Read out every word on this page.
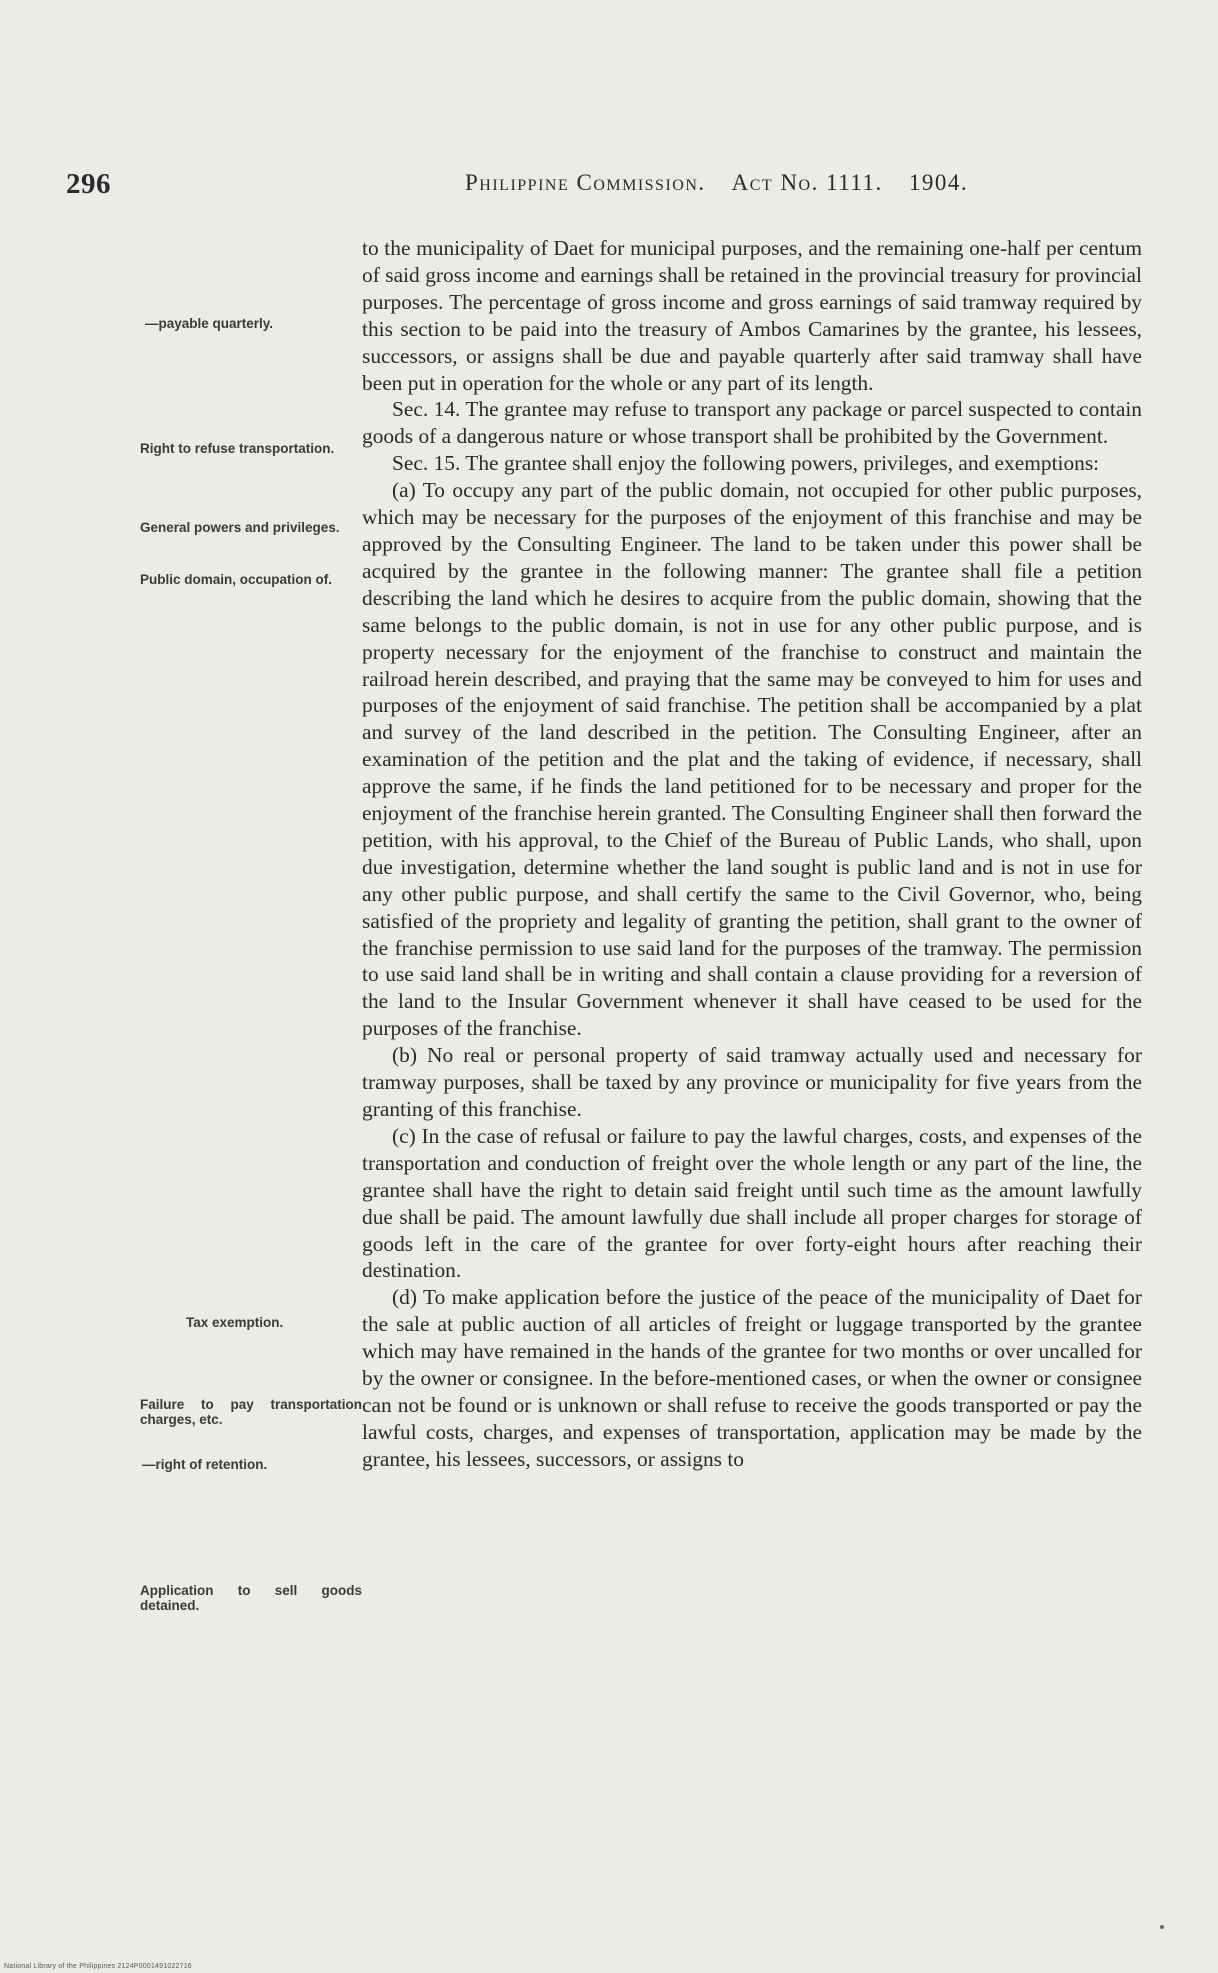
296	Philippine Commission. Act No. 1111. 1904.
—payable quarterly.
Right to refuse transportation.
General powers and privileges.
Public domain, occupation of.
Tax exemption.
Failure to pay transportation charges, etc.
—right of retention.
Application to sell goods detained.

to the municipality of Daet for municipal purposes, and the remaining one-half per centum of said gross income and earnings shall be retained in the provincial treasury for provincial purposes. The percentage of gross income and gross earnings of said tramway required by this section to be paid into the treasury of Ambos Camarines by the grantee, his lessees, successors, or assigns shall be due and payable quarterly after said tramway shall have been put in operation for the whole or any part of its length.

Sec. 14. The grantee may refuse to transport any package or parcel suspected to contain goods of a dangerous nature or whose transport shall be prohibited by the Government.

Sec. 15. The grantee shall enjoy the following powers, privileges, and exemptions:

(a) To occupy any part of the public domain, not occupied for other public purposes, which may be necessary for the purposes of the enjoyment of this franchise and may be approved by the Consulting Engineer. The land to be taken under this power shall be acquired by the grantee in the following manner: The grantee shall file a petition describing the land which he desires to acquire from the public domain, showing that the same belongs to the public domain, is not in use for any other public purpose, and is property necessary for the enjoyment of the franchise to construct and maintain the railroad herein described, and praying that the same may be conveyed to him for uses and purposes of the enjoyment of said franchise. The petition shall be accompanied by a plat and survey of the land described in the petition. The Consulting Engineer, after an examination of the petition and the plat and the taking of evidence, if necessary, shall approve the same, if he finds the land petitioned for to be necessary and proper for the enjoyment of the franchise herein granted. The Consulting Engineer shall then forward the petition, with his approval, to the Chief of the Bureau of Public Lands, who shall, upon due investigation, determine whether the land sought is public land and is not in use for any other public purpose, and shall certify the same to the Civil Governor, who, being satisfied of the propriety and legality of granting the petition, shall grant to the owner of the franchise permission to use said land for the purposes of the tramway. The permission to use said land shall be in writing and shall contain a clause providing for a reversion of the land to the Insular Government whenever it shall have ceased to be used for the purposes of the franchise.

(b) No real or personal property of said tramway actually used and necessary for tramway purposes, shall be taxed by any province or municipality for five years from the granting of this franchise.

(c) In the case of refusal or failure to pay the lawful charges, costs, and expenses of the transportation and conduction of freight over the whole length or any part of the line, the grantee shall have the right to detain said freight until such time as the amount lawfully due shall be paid. The amount lawfully due shall include all proper charges for storage of goods left in the care of the grantee for over forty-eight hours after reaching their destination.

(d) To make application before the justice of the peace of the municipality of Daet for the sale at public auction of all articles of freight or luggage transported by the grantee which may have remained in the hands of the grantee for two months or over uncalled for by the owner or consignee. In the before-mentioned cases, or when the owner or consignee can not be found or is unknown or shall refuse to receive the goods transported or pay the lawful costs, charges, and expenses of transportation, application may be made by the grantee, his lessees, successors, or assigns to

National Library of the Philippines 2124P0001491022716
